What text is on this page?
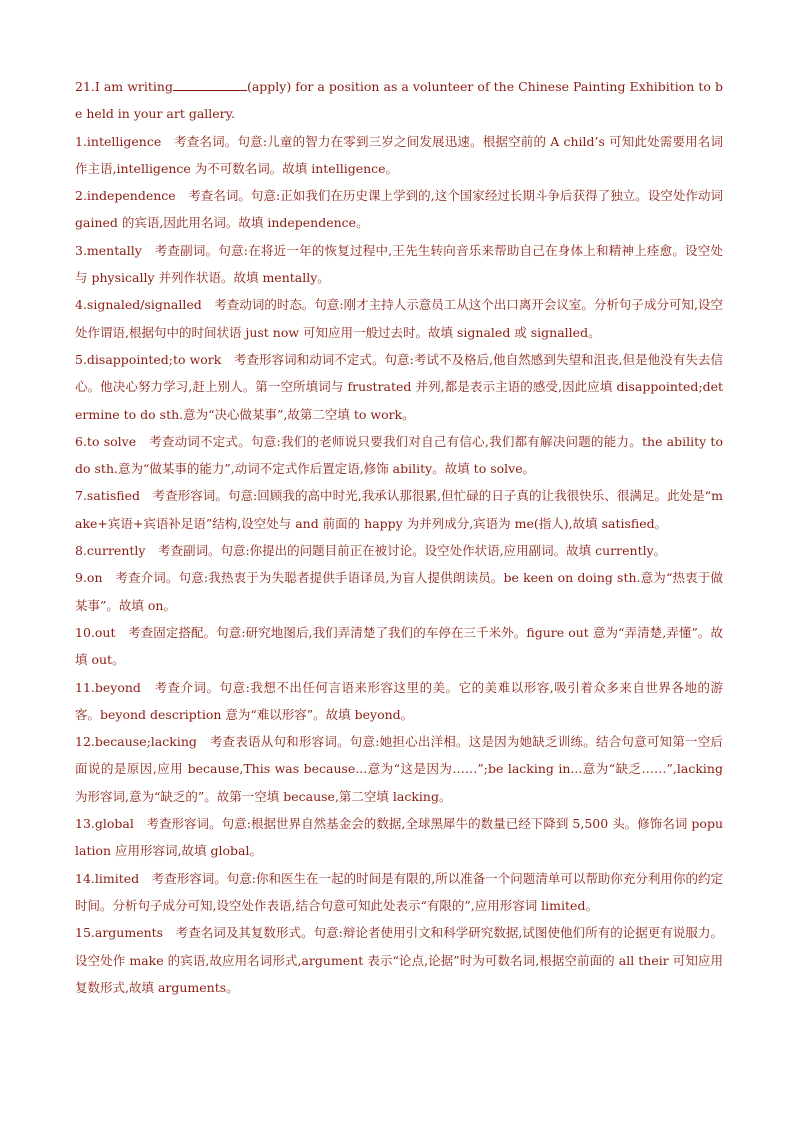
21.I am writing	(apply) for a position as a volunteer of the Chinese Painting Exhibition to be held in your art gallery.

1.intelligence　考查名词。句意:儿童的智力在零到三岁之间发展迅速。根据空前的 A child’s 可知此处需要用名词作主语,intelligence 为不可数名词。故填 intelligence。

2.independence　考查名词。句意:正如我们在历史课上学到的,这个国家经过长期斗争后获得了独立。设空处作动词 gained 的宾语,因此用名词。故填 independence。

3.mentally　考查副词。句意:在将近一年的恢复过程中,王先生转向音乐来帮助自己在身体上和精神上痊愈。设空处与 physically 并列作状语。故填 mentally。

4.signaled/signalled　考查动词的时态。句意:刚才主持人示意员工从这个出口离开会议室。分析句子成分可知,设空处作谓语,根据句中的时间状语 just now 可知应用一般过去时。故填 signaled 或 signalled。

5.disappointed;to work　考查形容词和动词不定式。句意:考试不及格后,他自然感到失望和沮丧,但是他没有失去信心。他决心努力学习,赶上别人。第一空所填词与 frustrated 并列,都是表示主语的感受,因此应填 disappointed;determine to do sth.意为“决心做某事”,故第二空填 to work。

6.to solve　考查动词不定式。句意:我们的老师说只要我们对自己有信心,我们都有解决问题的能力。the ability to do sth.意为“做某事的能力”,动词不定式作后置定语,修饰 ability。故填 to solve。

7.satisfied　考查形容词。句意:回顾我的高中时光,我承认那很累,但忙碌的日子真的让我很快乐、很满足。此处是“make+宾语+宾语补足语”结构,设空处与 and 前面的 happy 为并列成分,宾语为 me(指人),故填 satisfied。

8.currently　考查副词。句意:你提出的问题目前正在被讨论。设空处作状语,应用副词。故填 currently。

9.on　考查介词。句意:我热衷于为失聪者提供手语译员,为盲人提供朗读员。be keen on doing sth.意为“热衷于做某事”。故填 on。

10.out　考查固定搭配。句意:研究地图后,我们弄清楚了我们的车停在三千米外。figure out 意为“弄清楚,弄懂”。故填 out。

11.beyond　考查介词。句意:我想不出任何言语来形容这里的美。它的美难以形容,吸引着众多来自世界各地的游客。beyond description 意为“难以形容”。故填 beyond。

12.because;lacking　考查表语从句和形容词。句意:她担心出洋相。这是因为她缺乏训练。结合句意可知第一空后面说的是原因,应用 because,This was because...意为“这是因为……”;be lacking in...意为“缺乏……”,lacking 为形容词,意为“缺乏的”。故第一空填 because,第二空填 lacking。

13.global　考查形容词。句意:根据世界自然基金会的数据,全球黑犀牛的数量已经下降到 5,500 头。修饰名词 population 应用形容词,故填 global。

14.limited　考查形容词。句意:你和医生在一起的时间是有限的,所以准备一个问题清单可以帮助你充分利用你的约定时间。分析句子成分可知,设空处作表语,结合句意可知此处表示“有限的”,应用形容词 limited。

15.arguments　考查名词及其复数形式。句意:辩论者使用引文和科学研究数据,试图使他们所有的论据更有说服力。设空处作 make 的宾语,故应用名词形式,argument 表示“论点,论据”时为可数名词,根据空前面的 all their 可知应用复数形式,故填 arguments。
